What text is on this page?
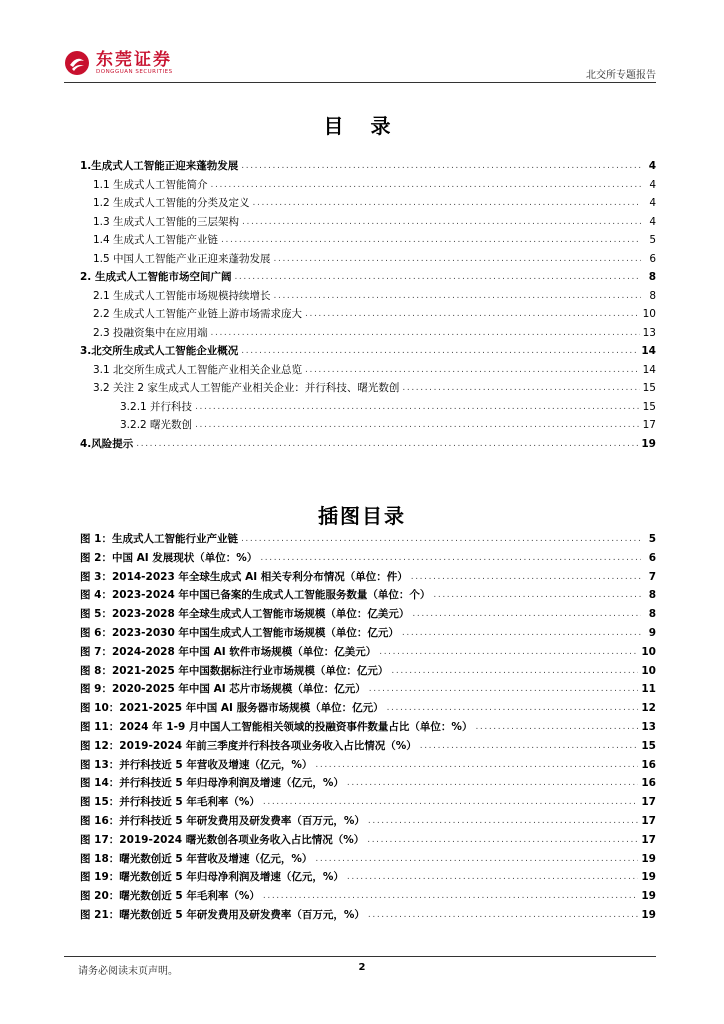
东莞证券
DONGGUAN SECURITIES	北交所专题报告
目 录
1.生成式人工智能正迎来蓬勃发展 .....	4
1.1 生成式人工智能简介 .....	4
1.2 生成式人工智能的分类及定义 .....	4
1.3 生成式人工智能的三层架构 .....	4
1.4 生成式人工智能产业链 .....	5
1.5 中国人工智能产业正迎来蓬勃发展 .....	6
2. 生成式人工智能市场空间广阔 .....	8
2.1 生成式人工智能市场规模持续增长 .....	8
2.2 生成式人工智能产业链上游市场需求庞大 .....	10
2.3 投融资集中在应用端 .....	13
3.北交所生成式人工智能企业概况 .....	14
3.1 北交所生成式人工智能产业相关企业总览 .....	14
3.2 关注 2 家生成式人工智能产业相关企业：并行科技、曙光数创 .....	15
3.2.1 并行科技 .....	15
3.2.2 曙光数创 .....	17
4.风险提示 .....	19
插图目录
图 1：生成式人工智能行业产业链 .....	5
图 2：中国 AI 发展现状（单位：%） .....	6
图 3：2014-2023 年全球生成式 AI 相关专利分布情况（单位：件） .....	7
图 4：2023-2024 年中国已备案的生成式人工智能服务数量（单位：个） .....	8
图 5：2023-2028 年全球生成式人工智能市场规模（单位：亿美元） .....	8
图 6：2023-2030 年中国生成式人工智能市场规模（单位：亿元） .....	9
图 7：2024-2028 年中国 AI 软件市场规模（单位：亿美元） .....	10
图 8：2021-2025 年中国数据标注行业市场规模（单位：亿元） .....	10
图 9：2020-2025 年中国 AI 芯片市场规模（单位：亿元） .....	11
图 10：2021-2025 年中国 AI 服务器市场规模（单位：亿元） .....	12
图 11：2024 年 1-9 月中国人工智能相关领域的投融资事件数量占比（单位：%） .....	13
图 12：2019-2024 年前三季度并行科技各项业务收入占比情况（%） .....	15
图 13：并行科技近 5 年营收及增速（亿元，%） .....	16
图 14：并行科技近 5 年归母净利润及增速（亿元，%） .....	16
图 15：并行科技近 5 年毛利率（%） .....	17
图 16：并行科技近 5 年研发费用及研发费率（百万元，%） .....	17
图 17：2019-2024 曙光数创各项业务收入占比情况（%） .....	17
图 18：曙光数创近 5 年营收及增速（亿元，%） .....	19
图 19：曙光数创近 5 年归母净利润及增速（亿元，%） .....	19
图 20：曙光数创近 5 年毛利率（%） .....	19
图 21：曙光数创近 5 年研发费用及研发费率（百万元，%） .....	19
请务必阅读末页声明。	2
